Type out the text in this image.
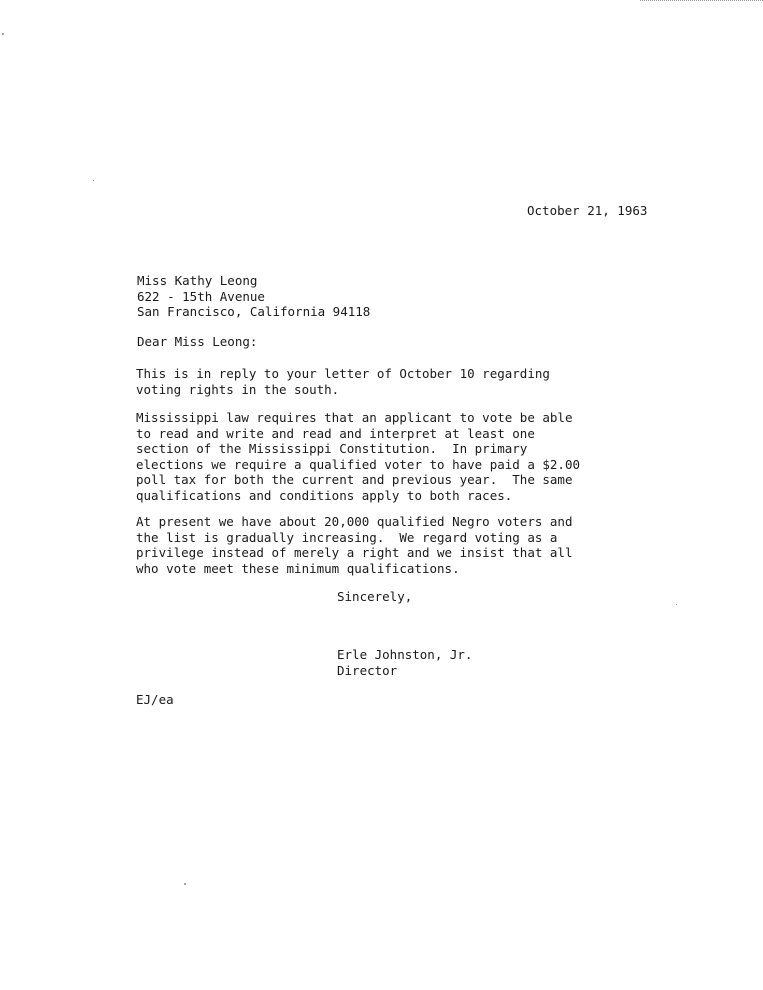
October 21, 1963
Miss Kathy Leong
622 - 15th Avenue
San Francisco, California 94118
Dear Miss Leong:
This is in reply to your letter of October 10 regarding
voting rights in the south.
Mississippi law requires that an applicant to vote be able
to read and write and read and interpret at least one
section of the Mississippi Constitution.  In primary
elections we require a qualified voter to have paid a $2.00
poll tax for both the current and previous year.  The same
qualifications and conditions apply to both races.
At present we have about 20,000 qualified Negro voters and
the list is gradually increasing.  We regard voting as a
privilege instead of merely a right and we insist that all
who vote meet these minimum qualifications.
Sincerely,
Erle Johnston, Jr.
Director
EJ/ea
